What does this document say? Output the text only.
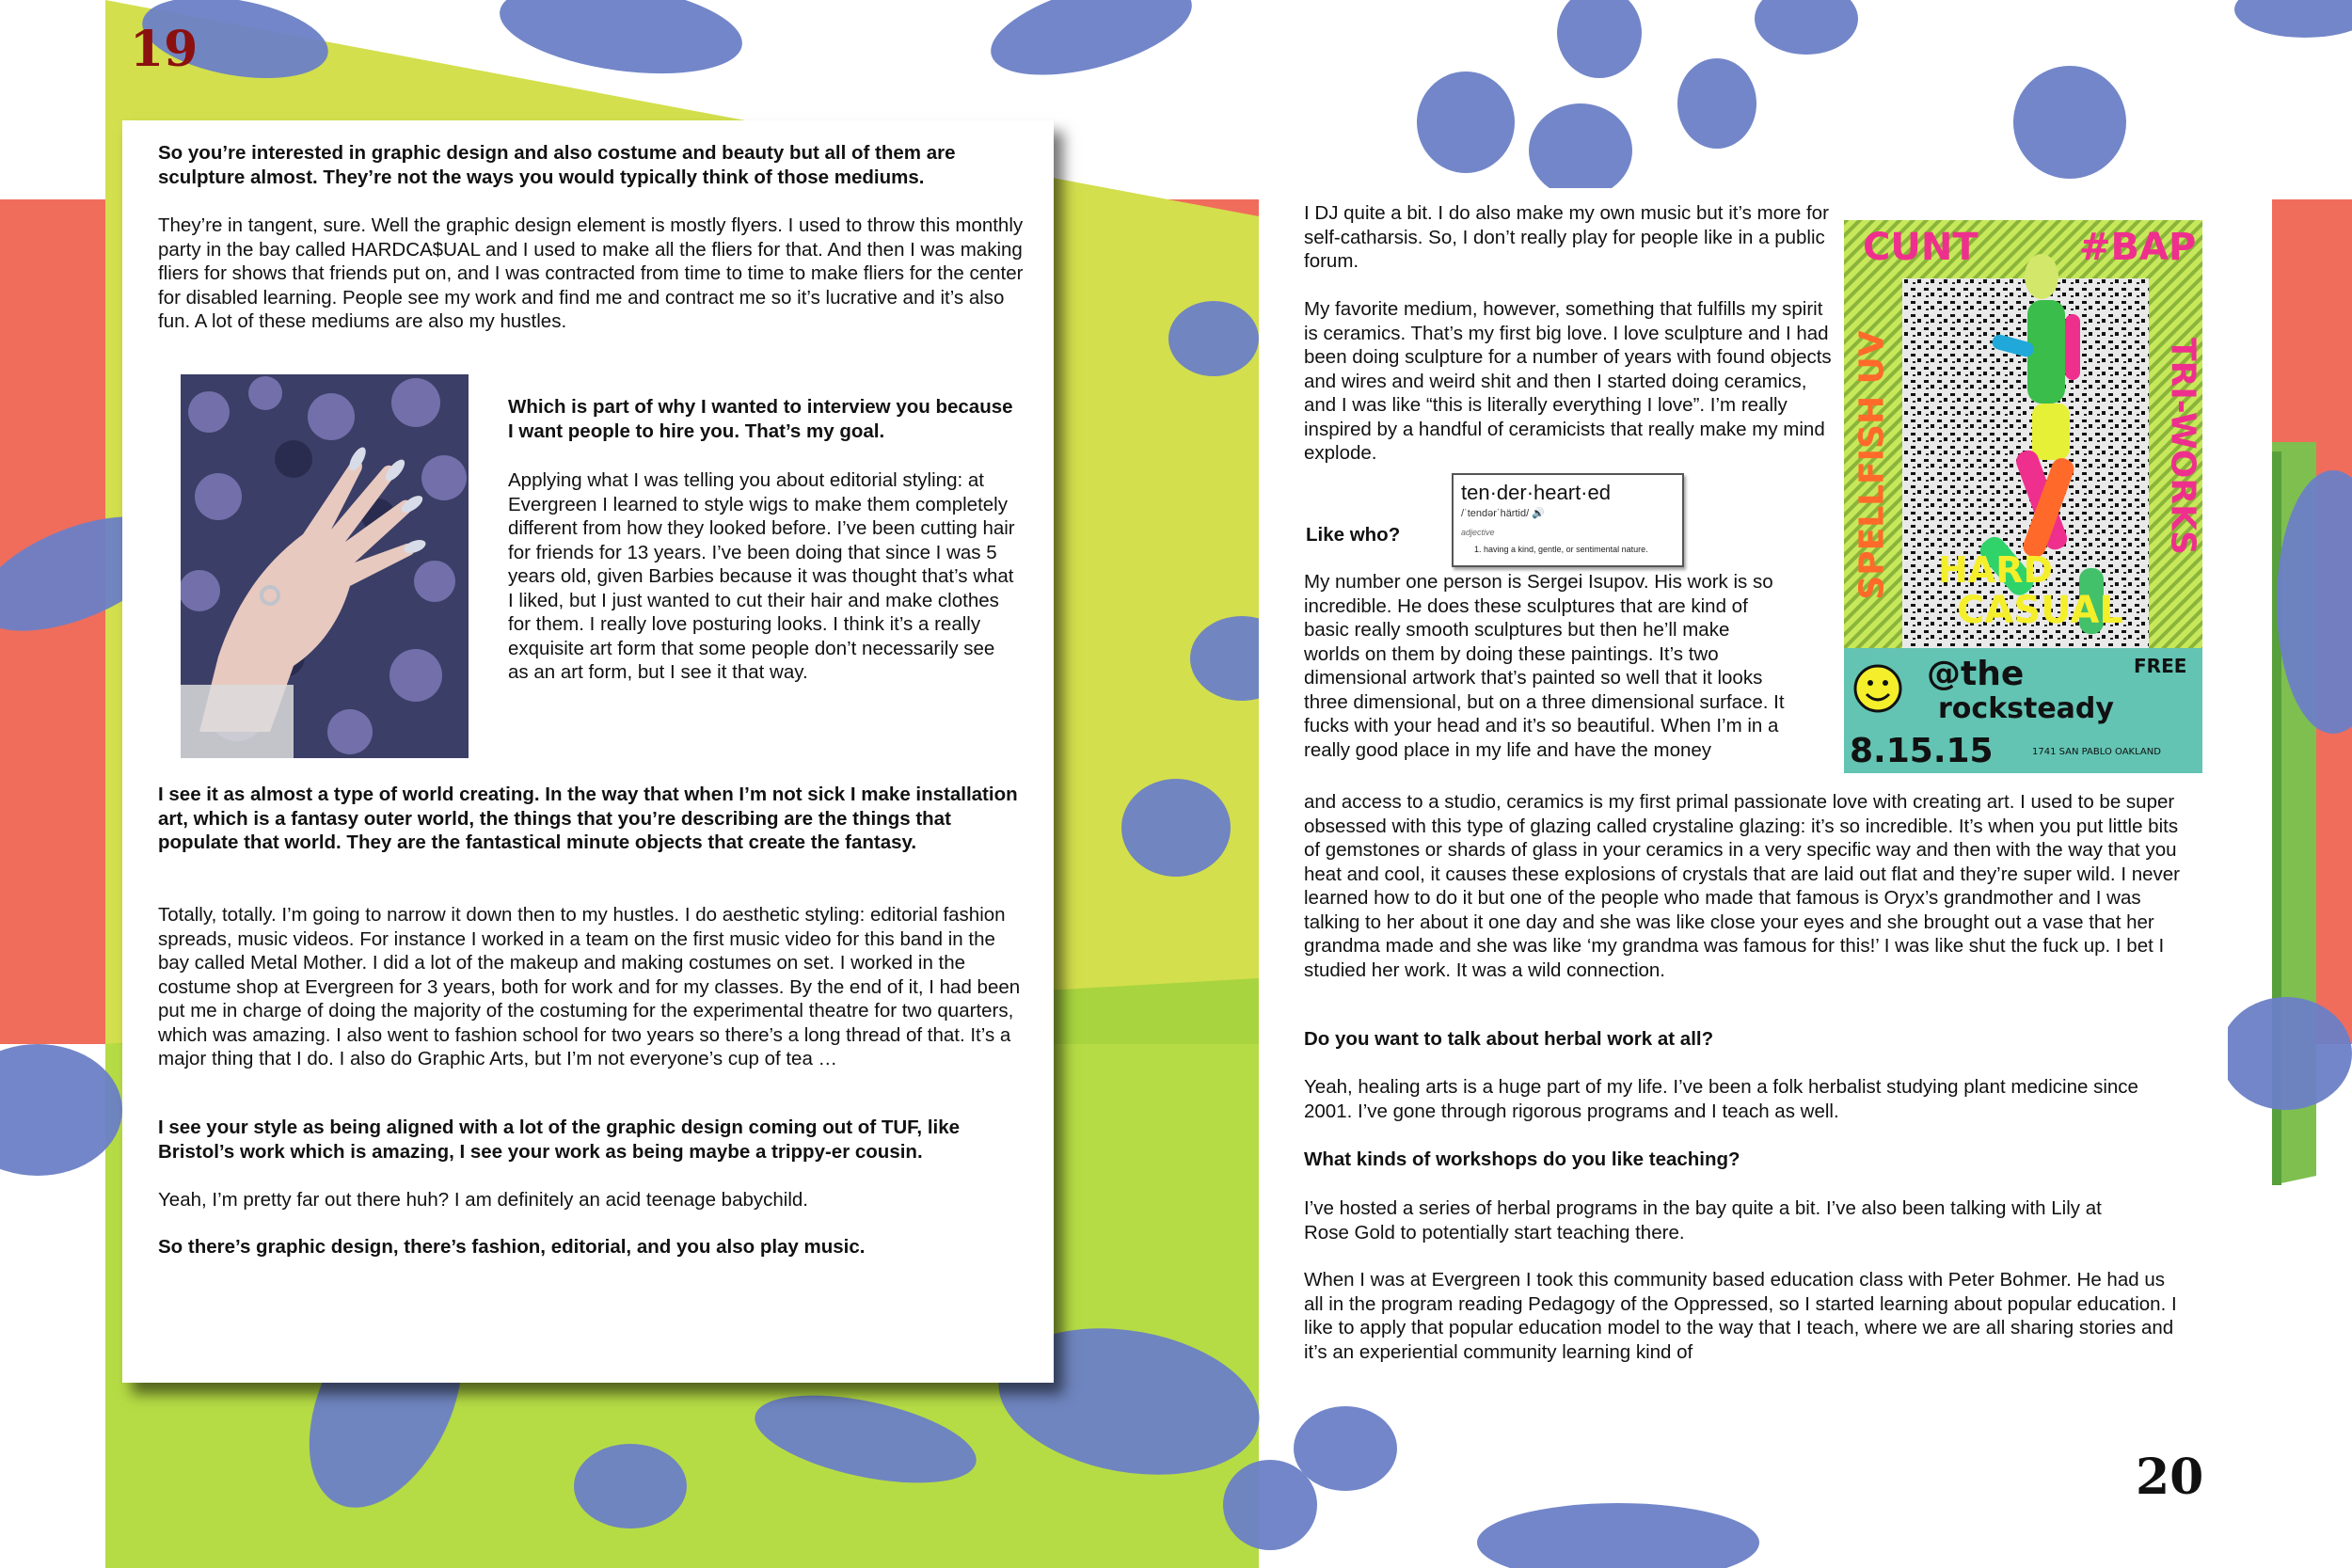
19
20
So you’re interested in graphic design and also costume and beauty but all of them are sculpture almost. They’re not the ways you would typically think of those mediums.
They’re in tangent, sure. Well the graphic design element is mostly flyers. I used to throw this monthly party in the bay called HARDCA$UAL and I used to make all the fliers for that. And then I was making fliers for shows that friends put on, and I was contracted from time to time to make fliers for the center for disabled learning. People see my work and find me and contract me so it’s lucrative and it’s also fun. A lot of these mediums are also my hustles.
Which is part of why I wanted to interview you because I want people to hire you. That’s my goal.
Applying what I was telling you about editorial styling: at Evergreen I learned to style wigs to make them completely different from how they looked before. I’ve been cutting hair for friends for 13 years. I’ve been doing that since I was 5 years old, given Barbies because it was thought that’s what I liked, but I just wanted to cut their hair and make clothes for them. I really love posturing looks. I think it’s a really exquisite art form that some people don’t necessarily see as an art form, but I see it that way.
I see it as almost a type of world creating. In the way that when I’m not sick I make installation art, which is a fantasy outer world, the things that you’re describing are the things that populate that world. They are the fantastical minute objects that create the fantasy.
Totally, totally. I’m going to narrow it down then to my hustles. I do aesthetic styling: editorial fashion spreads, music videos. For instance I worked in a team on the first music video for this band in the bay called Metal Mother. I did a lot of the makeup and making costumes on set. I worked in the costume shop at Evergreen for 3 years, both for work and for my classes. By the end of it, I had been put me in charge of doing the majority of the costuming for the experimental theatre for two quarters, which was amazing. I also went to fashion school for two years so there’s a long thread of that. It’s a major thing that I do. I also do Graphic Arts, but I’m not everyone’s cup of tea …
I see your style as being aligned with a lot of the graphic design coming out of TUF, like Bristol’s work which is amazing, I see your work as being maybe a trippy-er cousin.
Yeah, I’m pretty far out there huh? I am definitely an acid teenage babychild.
So there’s graphic design, there’s fashion, editorial, and you also play music.
I DJ quite a bit. I do also make my own music but it’s more for self-catharsis. So, I don’t really play for people like in a public forum.
My favorite medium, however, something that fulfills my spirit is ceramics. That’s my first big love. I love sculpture and I had been doing sculpture for a number of years with found objects and wires and weird shit and then I started doing ceramics, and I was like “this is literally everything I love”. I’m really inspired by a handful of ceramicists that really make my mind explode.
Like who?
ten·der·heart·ed
/ˈtendərˈhärtid/ 🔊
adjective
1. having a kind, gentle, or sentimental nature.
My number one person is Sergei Isupov. His work is so incredible. He does these sculptures that are kind of basic really smooth sculptures but then he’ll make worlds on them by doing these paintings. It’s two dimensional artwork that’s painted so well that it looks three dimensional, but on a three dimensional surface. It fucks with your head and it’s so beautiful. When I’m in a really good place in my life and have the money
and access to a studio, ceramics is my first primal passionate love with creating art. I used to be super obsessed with this type of glazing called crystaline glazing: it’s so incredible. It’s when you put little bits of gemstones or shards of glass in your ceramics in a very specific way and then with the way that you heat and cool, it causes these explosions of crystals that are laid out flat and they’re super wild. I never learned how to do it but one of the people who made that famous is Oryx’s grandmother and I was talking to her about it one day and she was like close your eyes and she brought out a vase that her grandma made and she was like ‘my grandma was famous for this!’ I was like shut the fuck up. I bet I studied her work. It was a wild connection.
Do you want to talk about herbal work at all?
Yeah, healing arts is a huge part of my life. I’ve been a folk herbalist studying plant medicine since 2001. I’ve gone through rigorous programs and I teach as well.
What kinds of workshops do you like teaching?
I’ve hosted a series of herbal programs in the bay quite a bit. I’ve also been talking with Lily at Rose Gold to potentially start teaching there.
When I was at Evergreen I took this community based education class with Peter Bohmer. He had us all in the program reading Pedagogy of the Oppressed, so I started learning about popular education. I like to apply that popular education model to the way that I teach, where we are all sharing stories and it’s an experiential community learning kind of
CUNT	#BAP
SPELLFISH UV	TRI-WORKS
HARD
CASUAL
FREE
@the
rocksteady
8.15.15	1741 SAN PABLO OAKLAND
